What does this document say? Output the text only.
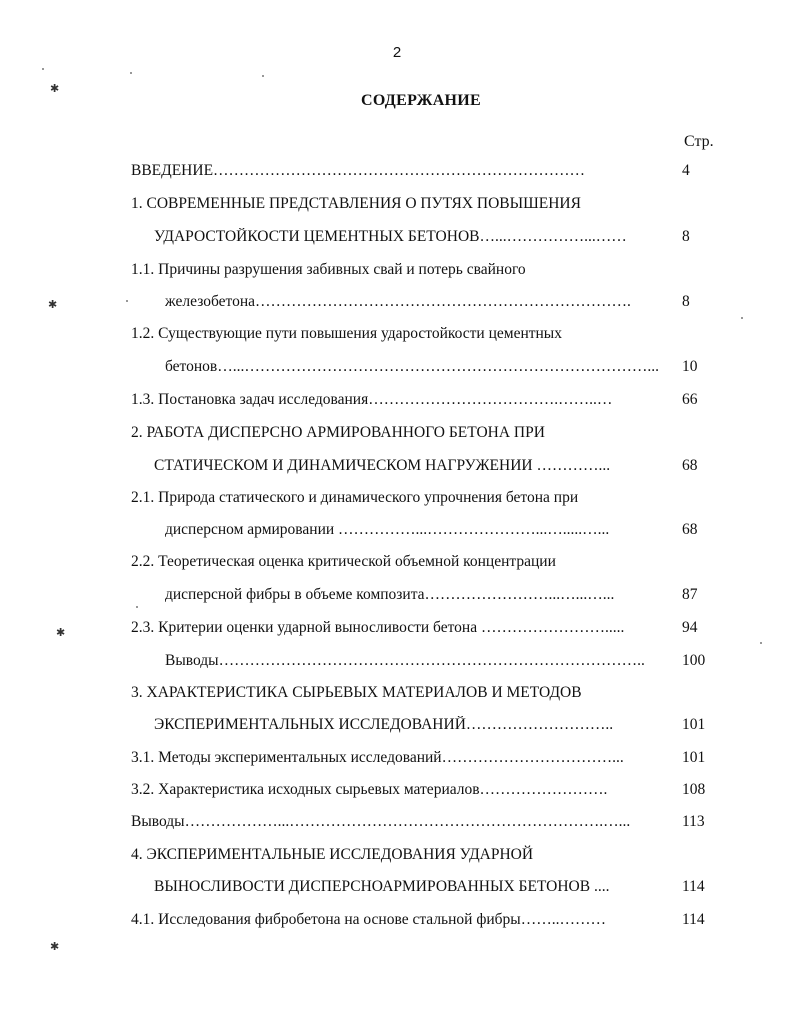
2
СОДЕРЖАНИЕ
Стр.
ВВЕДЕНИЕ………………………………………………………………	4
1. СОВРЕМЕННЫЕ ПРЕДСТАВЛЕНИЯ О ПУТЯХ ПОВЫШЕНИЯ
УДАРОСТОЙКОСТИ ЦЕМЕНТНЫХ БЕТОНОВ…...……………...……	8
1.1. Причины разрушения забивных свай и потерь свайного
железобетона……………………………………………………………….	8
1.2. Существующие пути повышения ударостойкости цементных
бетонов…...……………………………………………………………………...	10
1.3. Постановка задач исследования……………………………….……..…	66
2. РАБОТА ДИСПЕРСНО АРМИРОВАННОГО БЕТОНА ПРИ
СТАТИЧЕСКОМ И ДИНАМИЧЕСКОМ НАГРУЖЕНИИ …………...	68
2.1. Природа статического и динамического упрочнения бетона при
дисперсном армировании ……………...…………………...….....…...	68
2.2. Теоретическая оценка критической объемной концентрации
дисперсной фибры в объеме композита……………………...…...…...	87
2.3. Критерии оценки ударной выносливости бетона …………………….....	94
Выводы………………………………………………………………………..	100
3. ХАРАКТЕРИСТИКА СЫРЬЕВЫХ МАТЕРИАЛОВ И МЕТОДОВ
ЭКСПЕРИМЕНТАЛЬНЫХ ИССЛЕДОВАНИЙ………………………..	101
3.1. Методы экспериментальных исследований……………………………...	101
3.2. Характеристика исходных сырьевых материалов…………………….	108
Выводы………………...…………………………………………………….…...	113
4. ЭКСПЕРИМЕНТАЛЬНЫЕ ИССЛЕДОВАНИЯ УДАРНОЙ
ВЫНОСЛИВОСТИ ДИСПЕРСНОАРМИРОВАННЫХ БЕТОНОВ ....	114
4.1. Исследования фибробетона на основе стальной фибры……..………	114
✱
✱
✱
✱
